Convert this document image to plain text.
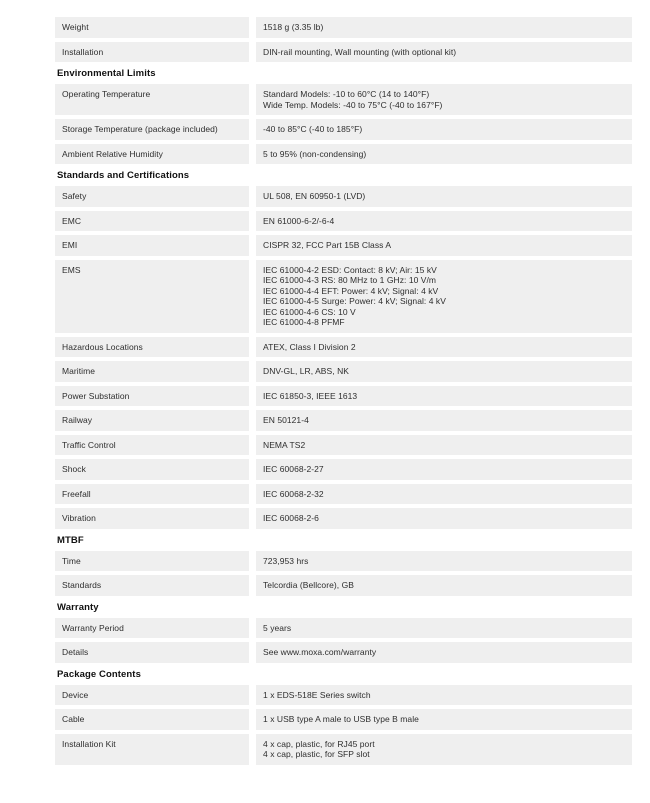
Weight	1518 g (3.35 lb)
Installation	DIN-rail mounting, Wall mounting (with optional kit)
Environmental Limits
Operating Temperature	Standard Models: -10 to 60°C (14 to 140°F)
Wide Temp. Models: -40 to 75°C (-40 to 167°F)
Storage Temperature (package included)	-40 to 85°C (-40 to 185°F)
Ambient Relative Humidity	5 to 95% (non-condensing)
Standards and Certifications
Safety	UL 508, EN 60950-1 (LVD)
EMC	EN 61000-6-2/-6-4
EMI	CISPR 32, FCC Part 15B Class A
EMS	IEC 61000-4-2 ESD: Contact: 8 kV; Air: 15 kV
IEC 61000-4-3 RS: 80 MHz to 1 GHz: 10 V/m
IEC 61000-4-4 EFT: Power: 4 kV; Signal: 4 kV
IEC 61000-4-5 Surge: Power: 4 kV; Signal: 4 kV
IEC 61000-4-6 CS: 10 V
IEC 61000-4-8 PFMF
Hazardous Locations	ATEX, Class I Division 2
Maritime	DNV-GL, LR, ABS, NK
Power Substation	IEC 61850-3, IEEE 1613
Railway	EN 50121-4
Traffic Control	NEMA TS2
Shock	IEC 60068-2-27
Freefall	IEC 60068-2-32
Vibration	IEC 60068-2-6
MTBF
Time	723,953 hrs
Standards	Telcordia (Bellcore), GB
Warranty
Warranty Period	5 years
Details	See www.moxa.com/warranty
Package Contents
Device	1 x EDS-518E Series switch
Cable	1 x USB type A male to USB type B male
Installation Kit	4 x cap, plastic, for RJ45 port
4 x cap, plastic, for SFP slot
